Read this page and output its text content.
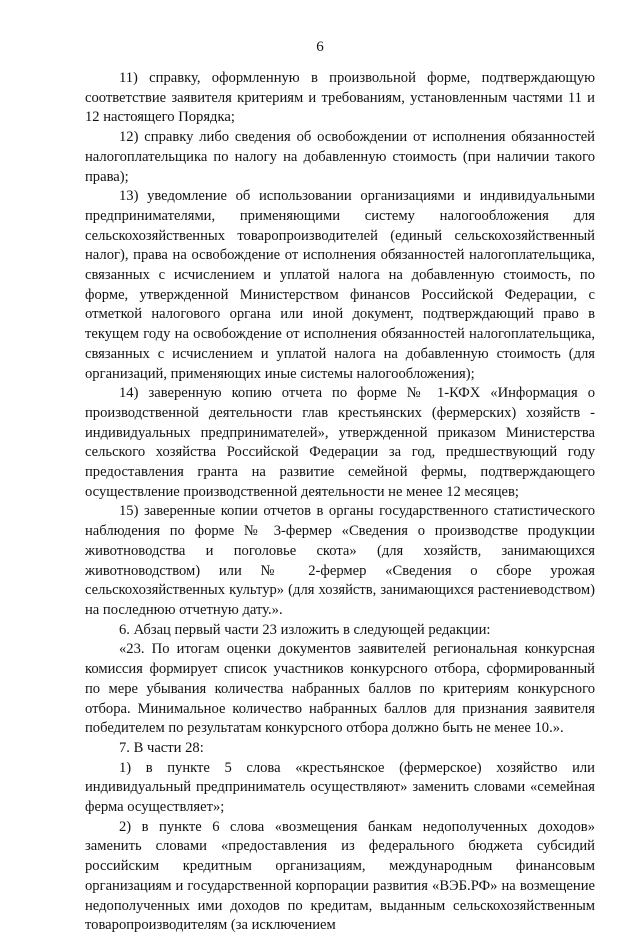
6

11) справку, оформленную в произвольной форме, подтверждающую соответствие заявителя критериям и требованиям, установленным частями 11 и 12 настоящего Порядка;

12) справку либо сведения об освобождении от исполнения обязанностей налогоплательщика по налогу на добавленную стоимость (при наличии такого права);

13) уведомление об использовании организациями и индивидуальными предпринимателями, применяющими систему налогообложения для сельскохозяйственных товаропроизводителей (единый сельскохозяйственный налог), права на освобождение от исполнения обязанностей налогоплательщика, связанных с исчислением и уплатой налога на добавленную стоимость, по форме, утвержденной Министерством финансов Российской Федерации, с отметкой налогового органа или иной документ, подтверждающий право в текущем году на освобождение от исполнения обязанностей налогоплательщика, связанных с исчислением и уплатой налога на добавленную стоимость (для организаций, применяющих иные системы налогообложения);

14) заверенную копию отчета по форме № 1-КФХ «Информация о производственной деятельности глав крестьянских (фермерских) хозяйств - индивидуальных предпринимателей», утвержденной приказом Министерства сельского хозяйства Российской Федерации за год, предшествующий году предоставления гранта на развитие семейной фермы, подтверждающего осуществление производственной деятельности не менее 12 месяцев;

15) заверенные копии отчетов в органы государственного статистического наблюдения по форме № 3-фермер «Сведения о производстве продукции животноводства и поголовье скота» (для хозяйств, занимающихся животноводством) или № 2-фермер «Сведения о сборе урожая сельскохозяйственных культур» (для хозяйств, занимающихся растениеводством) на последнюю отчетную дату.».

6. Абзац первый части 23 изложить в следующей редакции:

«23. По итогам оценки документов заявителей региональная конкурсная комиссия формирует список участников конкурсного отбора, сформированный по мере убывания количества набранных баллов по критериям конкурсного отбора. Минимальное количество набранных баллов для признания заявителя победителем по результатам конкурсного отбора должно быть не менее 10.».

7. В части 28:

1) в пункте 5 слова «крестьянское (фермерское) хозяйство или индивидуальный предприниматель осуществляют» заменить словами «семейная ферма осуществляет»;

2) в пункте 6 слова «возмещения банкам недополученных доходов» заменить словами «предоставления из федерального бюджета субсидий российским кредитным организациям, международным финансовым организациям и государственной корпорации развития «ВЭБ.РФ» на возмещение недополученных ими доходов по кредитам, выданным сельскохозяйственным товаропроизводителям (за исключением
